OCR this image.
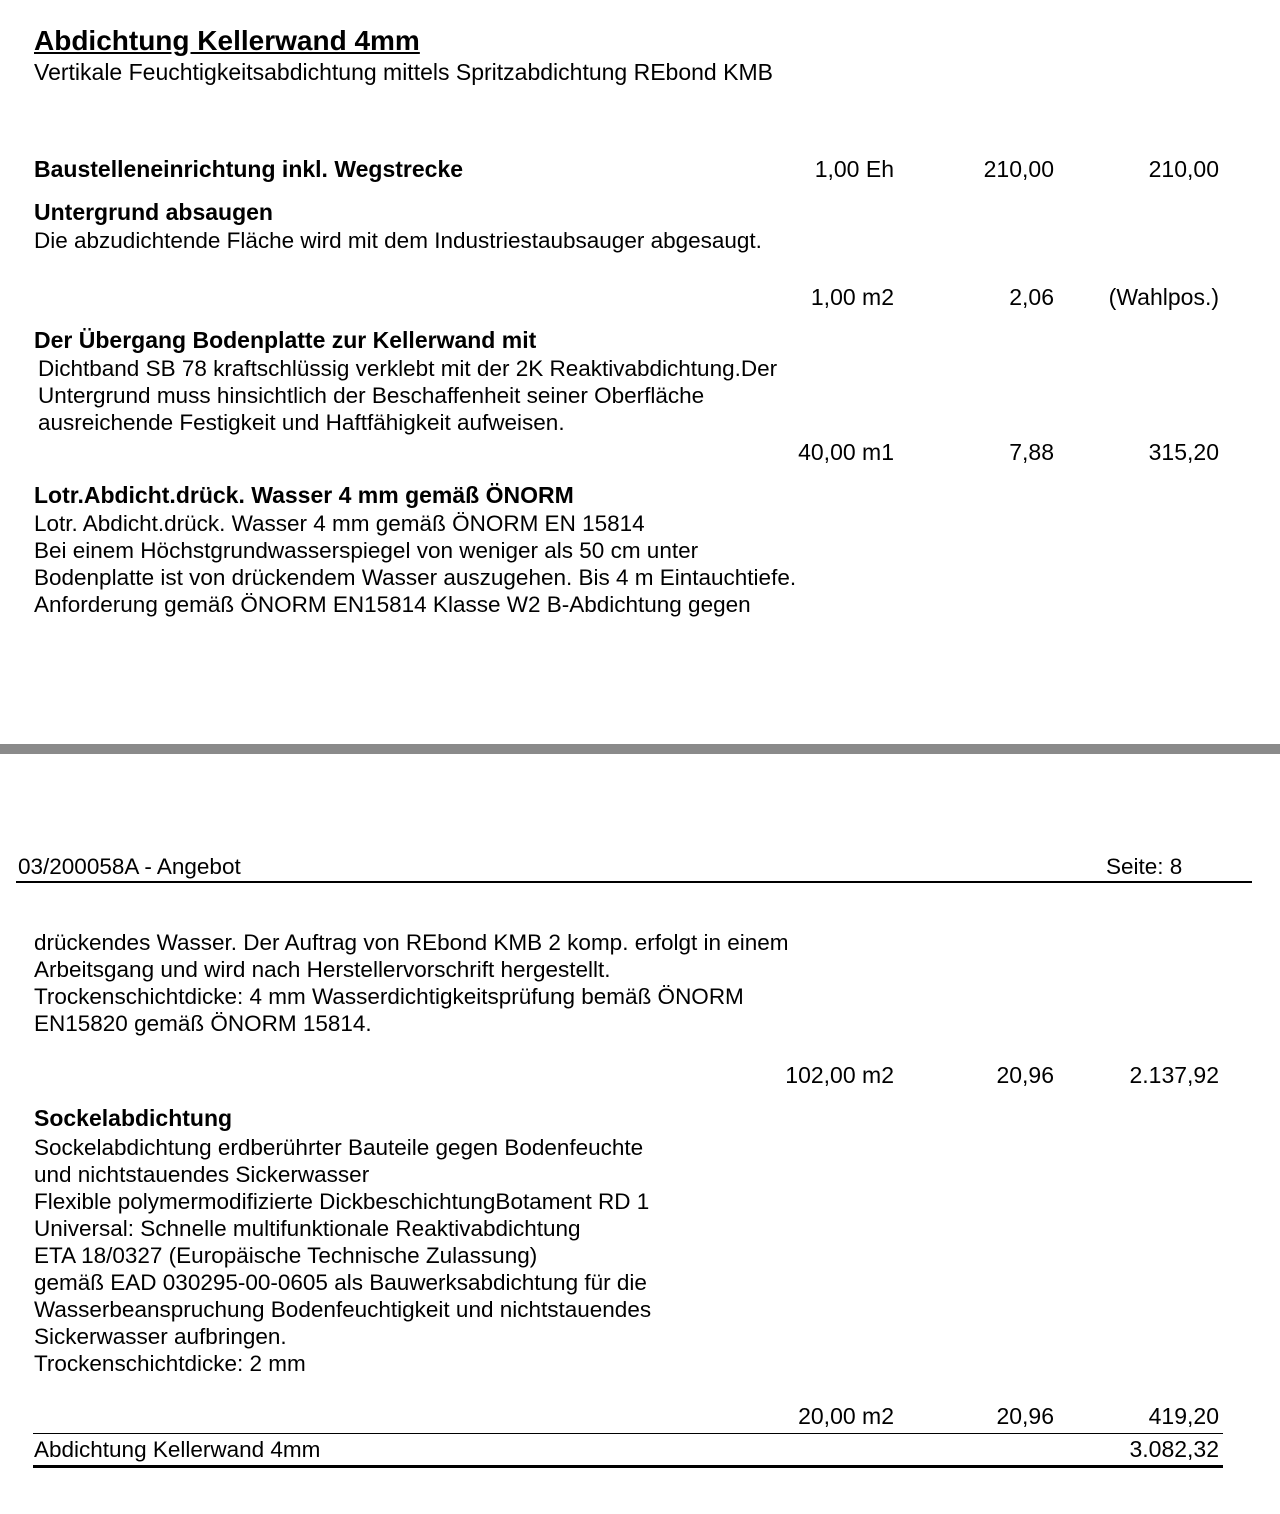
Abdichtung Kellerwand 4mm
Vertikale Feuchtigkeitsabdichtung mittels Spritzabdichtung REbond KMB
Baustelleneinrichtung inkl. Wegstrecke	1,00 Eh	210,00	210,00
Untergrund absaugen
Die abzudichtende Fläche wird mit dem Industriestaubsauger abgesaugt.
1,00 m2	2,06 (Wahlpos.)
Der Übergang Bodenplatte zur Kellerwand mit
Dichtband SB 78 kraftschlüssig verklebt mit der 2K Reaktivabdichtung.Der
Untergrund muss hinsichtlich der Beschaffenheit seiner Oberfläche
ausreichende Festigkeit und Haftfähigkeit aufweisen.
40,00 m1	7,88	315,20
Lotr.Abdicht.drück. Wasser 4 mm gemäß ÖNORM
Lotr. Abdicht.drück. Wasser 4 mm gemäß ÖNORM EN 15814
Bei einem Höchstgrundwasserspiegel von weniger als 50 cm unter
Bodenplatte ist von drückendem Wasser auszugehen. Bis 4 m Eintauchtiefe.
Anforderung gemäß ÖNORM EN15814 Klasse W2 B-Abdichtung gegen
03/200058A - Angebot	Seite: 8
drückendes Wasser. Der Auftrag von REbond KMB 2 komp. erfolgt in einem
Arbeitsgang und wird nach Herstellervorschrift hergestellt.
Trockenschichtdicke: 4 mm Wasserdichtigkeitsprüfung bemäß ÖNORM
EN15820 gemäß ÖNORM 15814.
102,00 m2	20,96	2.137,92
Sockelabdichtung
Sockelabdichtung erdberührter Bauteile gegen Bodenfeuchte
und nichtstauendes Sickerwasser
Flexible polymermodifizierte DickbeschichtungBotament RD 1
Universal: Schnelle multifunktionale Reaktivabdichtung
ETA 18/0327 (Europäische Technische Zulassung)
gemäß EAD 030295-00-0605 als Bauwerksabdichtung für die
Wasserbeanspruchung Bodenfeuchtigkeit und nichtstauendes
Sickerwasser aufbringen.
Trockenschichtdicke: 2 mm
20,00 m2	20,96	419,20
Abdichtung Kellerwand 4mm	3.082,32
